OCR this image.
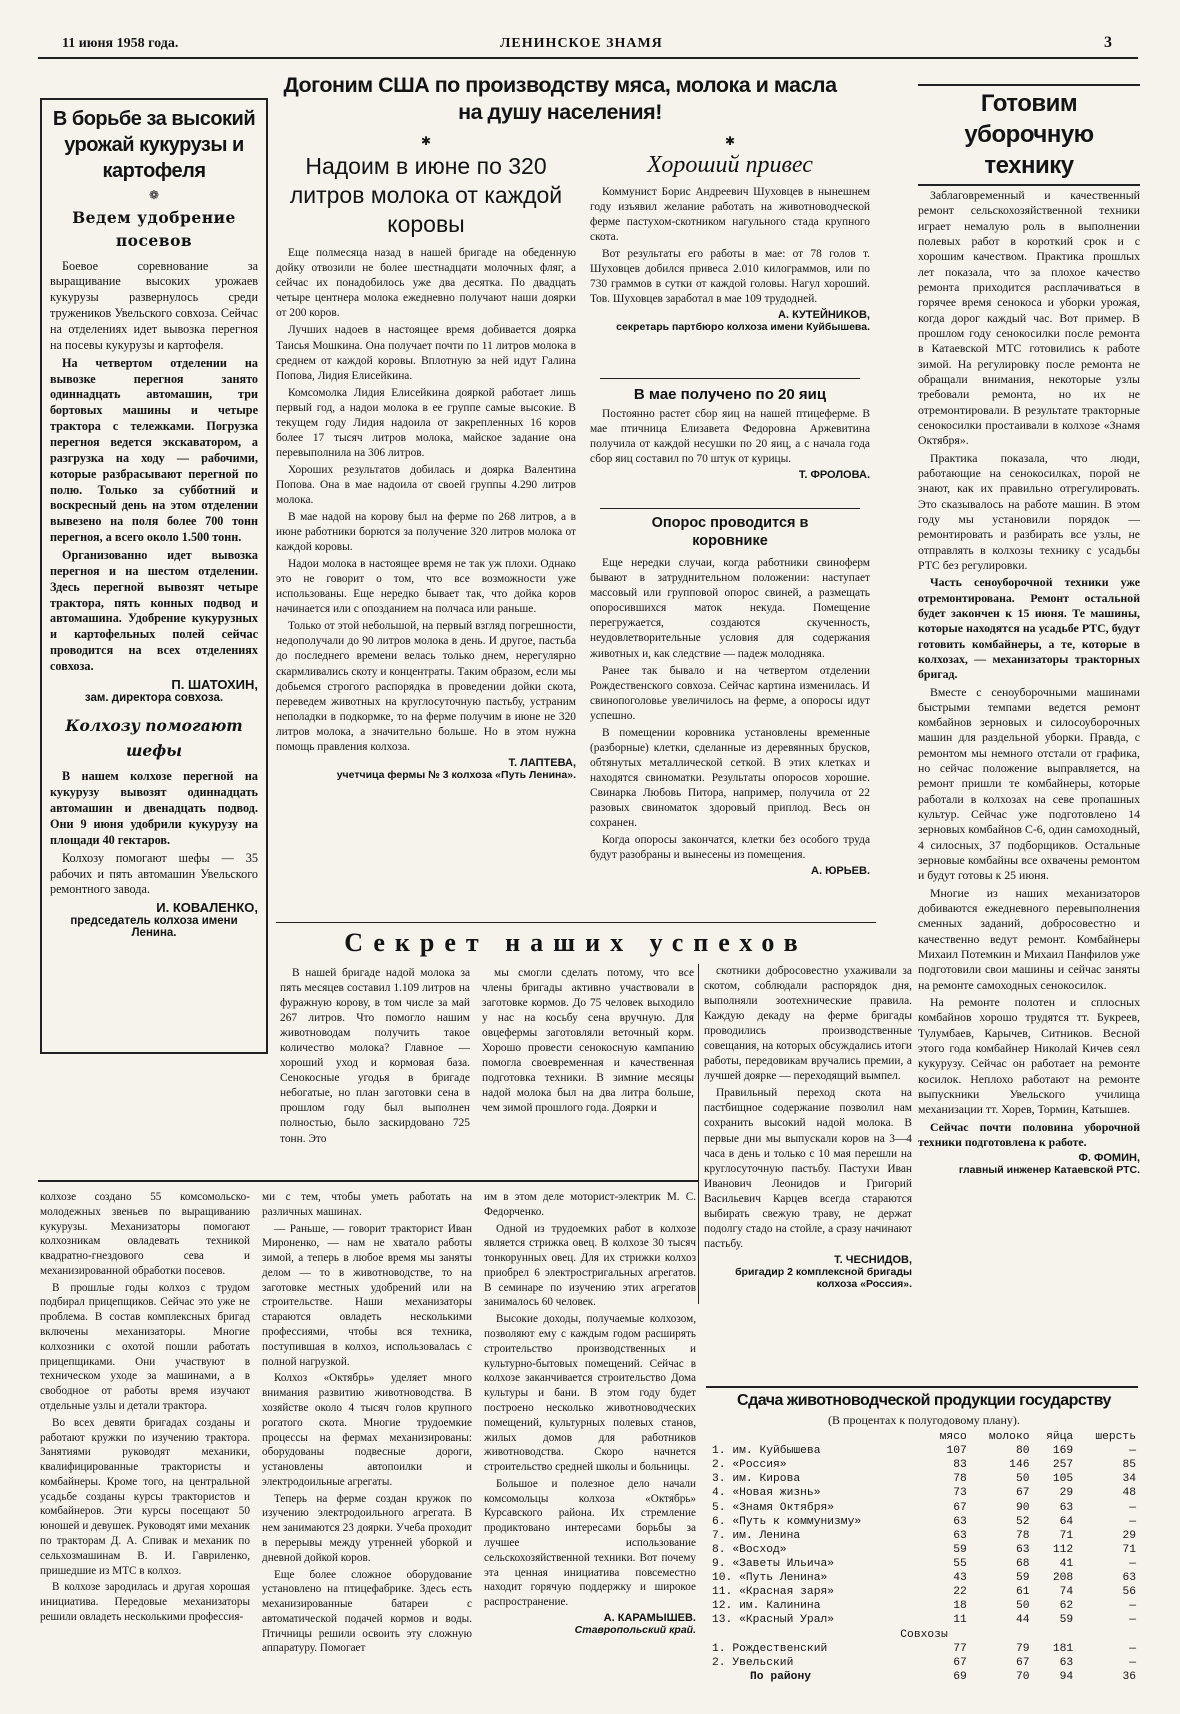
11 июня 1958 года.	ЛЕНИНСКОЕ ЗНАМЯ	3
В борьбе за высокий урожай кукурузы и картофеля
❁
Ведем удобрение посевов

Боевое соревнование за выращивание высоких урожаев кукурузы развернулось среди тружеников Увельского совхоза. Сейчас на отделениях идет вывозка перегноя на посевы кукурузы и картофеля.

На четвертом отделении на вывозке перегноя занято одиннадцать автомашин, три бортовых машины и четыре трактора с тележками. Погрузка перегноя ведется экскаватором, а разгрузка на ходу — рабочими, которые разбрасывают перегной по полю. Только за субботний и воскресный день на этом отделении вывезено на поля более 700 тонн перегноя, а всего около 1.500 тонн.

Организованно идет вывозка перегноя и на шестом отделении. Здесь перегной вывозят четыре трактора, пять конных подвод и автомашина. Удобрение кукурузных и картофельных полей сейчас проводится на всех отделениях совхоза.

П. ШАТОХИН,
зам. директора совхоза.
Колхозу помогают шефы

В нашем колхозе перегной на кукурузу вывозят одиннадцать автомашин и двенадцать подвод. Они 9 июня удобрили кукурузу на площади 40 гектаров.

Колхозу помогают шефы — 35 рабочих и пять автомашин Увельского ремонтного завода.

И. КОВАЛЕНКО,
председатель колхоза имени Ленина.
Догоним США по производству мяса, молока и масла на душу населения!
✱
Надоим в июне по 320 литров молока от каждой коровы

Еще полмесяца назад в нашей бригаде на обеденную дойку отвозили не более шестнадцати молочных фляг, а сейчас их понадобилось уже два десятка. По двадцать четыре центнера молока ежедневно получают наши доярки от 200 коров.

Лучших надоев в настоящее время добивается доярка Таисья Мошкина. Она получает почти по 11 литров молока в среднем от каждой коровы. Вплотную за ней идут Галина Попова, Лидия Елисейкина.

Комсомолка Лидия Елисейкина дояркой работает лишь первый год, а надои молока в ее группе самые высокие. В текущем году Лидия надоила от закрепленных 16 коров более 17 тысяч литров молока, майское задание она перевыполнила на 306 литров.

Хороших результатов добилась и доярка Валентина Попова. Она в мае надоила от своей группы 4.290 литров молока.

В мае надой на корову был на ферме по 268 литров, а в июне работники борются за получение 320 литров молока от каждой коровы.

Надои молока в настоящее время не так уж плохи. Однако это не говорит о том, что все возможности уже использованы. Еще нередко бывает так, что дойка коров начинается или с опозданием на полчаса или раньше.

Только от этой небольшой, на первый взгляд погрешности, недополучали до 90 литров молока в день. И другое, пастьба до последнего времени велась только днем, нерегулярно скармливались скоту и концентраты. Таким образом, если мы добьемся строгого распорядка в проведении дойки скота, переведем животных на круглосуточную пастьбу, устраним неполадки в подкормке, то на ферме получим в июне не 320 литров молока, а значительно больше. Но в этом нужна помощь правления колхоза.

Т. ЛАПТЕВА,
учетчица фермы № 3 колхоза «Путь Ленина».
✱
Хороший привес

Коммунист Борис Андреевич Шуховцев в нынешнем году изъявил желание работать на животноводческой ферме пастухом-скотником нагульного стада крупного скота.

Вот результаты его работы в мае: от 78 голов т. Шуховцев добился привеса 2.010 килограммов, или по 730 граммов в сутки от каждой головы. Нагул хороший. Тов. Шуховцев заработал в мае 109 трудодней.

А. КУТЕЙНИКОВ,
секретарь партбюро колхоза имени Куйбышева.
В мае получено по 20 яиц

Постоянно растет сбор яиц на нашей птицеферме. В мае птичница Елизавета Федоровна Аржевитина получила от каждой несушки по 20 яиц, а с начала года сбор яиц составил по 70 штук от курицы.

Т. ФРОЛОВА.
Опорос проводится в коровнике

Еще нередки случаи, когда работники свиноферм бывают в затруднительном положении: наступает массовый или групповой опорос свиней, а размещать опоросившихся маток некуда. Помещение перегружается, создаются скученность, неудовлетворительные условия для содержания животных и, как следствие — падеж молодняка.

Ранее так бывало и на четвертом отделении Рождественского совхоза. Сейчас картина изменилась. И свинопоголовье увеличилось на ферме, а опоросы идут успешно.

В помещении коровника установлены временные (разборные) клетки, сделанные из деревянных брусков, обтянутых металлической сеткой. В этих клетках и находятся свиноматки. Результаты опоросов хорошие. Свинарка Любовь Питора, например, получила от 22 разовых свиноматок здоровый приплод. Весь он сохранен.

Когда опоросы закончатся, клетки без особого труда будут разобраны и вынесены из помещения.

А. ЮРЬЕВ.
Готовим уборочную технику

Заблаговременный и качественный ремонт сельскохозяйственной техники играет немалую роль в выполнении полевых работ в короткий срок и с хорошим качеством. Практика прошлых лет показала, что за плохое качество ремонта приходится расплачиваться в горячее время сенокоса и уборки урожая, когда дорог каждый час. Вот пример. В прошлом году сенокосилки после ремонта в Катаевской МТС готовились к работе зимой. На регулировку после ремонта не обращали внимания, некоторые узлы требовали ремонта, но их не отремонтировали. В результате тракторные сенокосилки простаивали в колхозе «Знамя Октября».

Практика показала, что люди, работающие на сенокосилках, порой не знают, как их правильно отрегулировать. Это сказывалось на работе машин. В этом году мы установили порядок — ремонтировать и разбирать все узлы, не отправлять в колхозы технику с усадьбы РТС без регулировки.

Часть сеноуборочной техники уже отремонтирована. Ремонт остальной будет закончен к 15 июня. Те машины, которые находятся на усадьбе РТС, будут готовить комбайнеры, а те, которые в колхозах, — механизаторы тракторных бригад.

Вместе с сеноуборочными машинами быстрыми темпами ведется ремонт комбайнов зерновых и силосоуборочных машин для раздельной уборки. Правда, с ремонтом мы немного отстали от графика, но сейчас положение выправляется, на ремонт пришли те комбайнеры, которые работали в колхозах на севе пропашных культур. Сейчас уже подготовлено 14 зерновых комбайнов С-6, один самоходный, 4 силосных, 37 подборщиков. Остальные зерновые комбайны все охвачены ремонтом и будут готовы к 25 июня.

Многие из наших механизаторов добиваются ежедневного перевыполнения сменных заданий, добросовестно и качественно ведут ремонт. Комбайнеры Михаил Потемкин и Михаил Панфилов уже подготовили свои машины и сейчас заняты на ремонте самоходных сенокосилок.

На ремонте полотен и сплосных комбайнов хорошо трудятся тт. Букреев, Тулумбаев, Карычев, Ситников. Весной этого года комбайнер Николай Кичев сеял кукурузу. Сейчас он работает на ремонте косилок. Неплохо работают на ремонте выпускники Увельского училища механизации тт. Хорев, Тормин, Катышев.

Сейчас почти половина уборочной техники подготовлена к работе.

Ф. ФОМИН,
главный инженер Катаевской РТС.
Секрет наших успехов

В нашей бригаде надой молока за пять месяцев составил 1.109 литров на фуражную корову, в том числе за май 267 литров. Что помогло нашим животноводам получить такое количество молока? Главное — хороший уход и кормовая база. Сенокосные угодья в бригаде небогатые, но план заготовки сена в прошлом году был выполнен полностью, было заскирдовано 725 тонн. Это

мы смогли сделать потому, что все члены бригады активно участвовали в заготовке кормов. До 75 человек выходило у нас на косьбу сена вручную. Для овцефермы заготовляли веточный корм. Хорошо провести сенокосную кампанию помогла своевременная и качественная подготовка техники. В зимние месяцы надой молока был на два литра больше, чем зимой прошлого года. Доярки и

скотники добросовестно ухаживали за скотом, соблюдали распорядок дня, выполняли зоотехнические правила. Каждую декаду на ферме бригады проводились производственные совещания, на которых обсуждались итоги работы, передовикам вручались премии, а лучшей доярке — переходящий вымпел.

Правильный переход скота на пастбищное содержание позволил нам сохранить высокий надой молока. В первые дни мы выпускали коров на 3—4 часа в день и только с 10 мая перешли на круглосуточную пастьбу. Пастухи Иван Иванович Леонидов и Григорий Васильевич Карцев всегда стараются выбирать свежую траву, не держат подолгу стадо на стойле, а сразу начинают пастьбу.

Т. ЧЕСНИДОВ,
бригадир 2 комплексной бригады колхоза «Россия».

колхозе создано 55 комсомольско-молодежных звеньев по выращиванию кукурузы. Механизаторы помогают колхозникам овладевать техникой квадратно-гнездового сева и механизированной обработки посевов.

В прошлые годы колхоз с трудом подбирал прицепщиков. Сейчас это уже не проблема. В состав комплексных бригад включены механизаторы. Многие колхозники с охотой пошли работать прицепщиками. Они участвуют в техническом уходе за машинами, а в свободное от работы время изучают отдельные узлы и детали трактора.

Во всех девяти бригадах созданы и работают кружки по изучению трактора. Занятиями руководят механики, квалифицированные трактористы и комбайнеры. Кроме того, на центральной усадьбе созданы курсы трактористов и комбайнеров. Эти курсы посещают 50 юношей и девушек. Руководят ими механик по тракторам Д. А. Спивак и механик по сельхозмашинам В. И. Гавриленко, пришедшие из МТС в колхоз.

В колхозе зародилась и другая хорошая инициатива. Передовые механизаторы решили овладеть несколькими профессия-

ми с тем, чтобы уметь работать на различных машинах.

— Раньше, — говорит тракторист Иван Мироненко, — нам не хватало работы зимой, а теперь в любое время мы заняты делом — то в животноводстве, то на заготовке местных удобрений или на строительстве. Наши механизаторы стараются овладеть несколькими профессиями, чтобы вся техника, поступившая в колхоз, использовалась с полной нагрузкой.

Колхоз «Октябрь» уделяет много внимания развитию животноводства. В хозяйстве около 4 тысяч голов крупного рогатого скота. Многие трудоемкие процессы на фермах механизированы: оборудованы подвесные дороги, установлены автопоилки и электродоильные агрегаты.

Теперь на ферме создан кружок по изучению электродоильного агрегата. В нем занимаются 23 доярки. Учеба проходит в перерывы между утренней уборкой и дневной дойкой коров.

Еще более сложное оборудование установлено на птицефабрике. Здесь есть механизированные батареи с автоматической подачей кормов и воды. Птичницы решили освоить эту сложную аппаратуру. Помогает

им в этом деле моторист-электрик М. С. Федорченко.

Одной из трудоемких работ в колхозе является стрижка овец. В колхозе 30 тысяч тонкорунных овец. Для их стрижки колхоз приобрел 6 электростригальных агрегатов. В семинаре по изучению этих агрегатов занималось 60 человек.

Высокие доходы, получаемые колхозом, позволяют ему с каждым годом расширять строительство производственных и культурно-бытовых помещений. Сейчас в колхозе заканчивается строительство Дома культуры и бани. В этом году будет построено несколько животноводческих помещений, культурных полевых станов, жилых домов для работников животноводства. Скоро начнется строительство средней школы и больницы.

Большое и полезное дело начали комсомольцы колхоза «Октябрь» Курсавского района. Их стремление продиктовано интересами борьбы за лучшее использование сельскохозяйственной техники. Вот почему эта ценная инициатива повсеместно находит горячую поддержку и широкое распространение.

А. КАРАМЫШЕВ.
Ставропольский край.
Сдача животноводческой продукции государству
(В процентах к полугодовому плану).
	мясо	молоко	яйца	шерсть
1. им. Куйбышева	107	80	169	—
2. «Россия»	83	146	257	85
3. им. Кирова	78	50	105	34
4. «Новая жизнь»	73	67	29	48
5. «Знамя Октября»	67	90	63	—
6. «Путь к коммунизму»	63	52	64	—
7. им. Ленина	63	78	71	29
8. «Восход»	59	63	112	71
9. «Заветы Ильича»	55	68	41	—
10. «Путь Ленина»	43	59	208	63
11. «Красная заря»	22	61	74	56
12. им. Калинина	18	50	62	—
13. «Красный Урал»	11	44	59	—
Совхозы				
1. Рождественский	77	79	181	—
2. Увельский	67	67	63	—
По району	69	70	94	36
